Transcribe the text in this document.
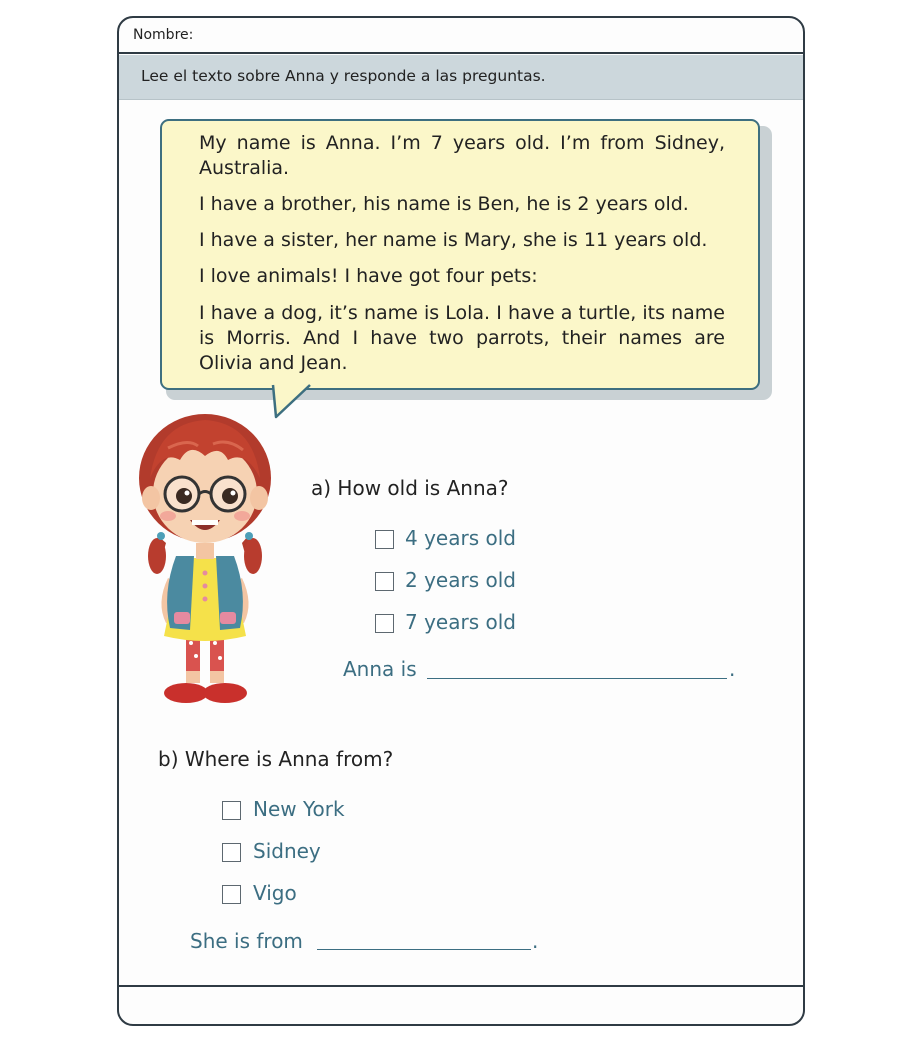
Nombre:
Lee el texto sobre Anna y responde a las preguntas.

My name is Anna. I’m 7 years old. I’m from Sidney, Australia.

I have a brother, his name is Ben, he is 2 years old.

I have a sister, her name is Mary, she is 11 years old.

I love animals! I have got four pets:

I have a dog, it’s name is Lola. I have a turtle, its name is Morris. And I have two parrots, their names are Olivia and Jean.

a) How old is Anna?
4 years old
2 years old
7 years old
Anna is	.
b) Where is Anna from?
New York
Sidney
Vigo
She is from	.
